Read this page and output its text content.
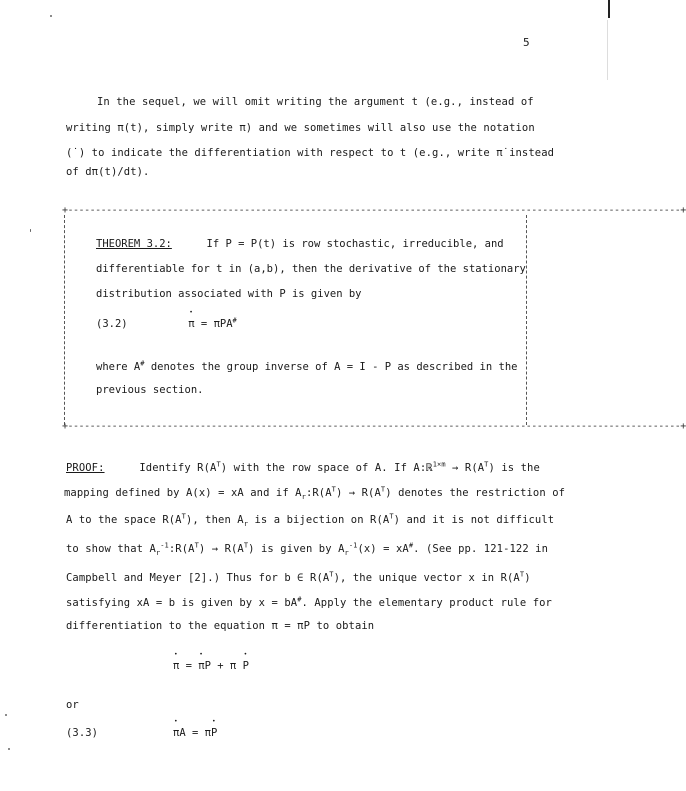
5
In the sequel, we will omit writing the argument t (e.g., instead of
writing π(t), simply write π) and we sometimes will also use the notation
(˙) to indicate the differentiation with respect to t (e.g., write π̇ instead
of dπ(t)/dt).
+---------------------------------------------------------------------------------------------------------------+
+---------------------------------------------------------------------------------------------------------------+
THEOREM 3.2:	If P = P(t) is row stochastic, irreducible, and
differentiable for t in (a,b), then the derivative of the stationary
distribution associated with P is given by
(3.2)	• π = πPA#
where A# denotes the group inverse of A = I - P as described in the
previous section.
PROOF:	Identify $R(A^T)$ with the row space of A. If A:ℝ$^{1\times m}$ → $R(A^T)$ is the
mapping defined by A(x) = xA and if $A_r:R(A^T) \to R(A^T)$ denotes the restriction of
A to the space $R(A^T)$, then $A_r$ is a bijection on $R(A^T)$ and it is not difficult
to show that $A_r^{-1}:R(A^T) \to R(A^T)$ is given by $A_r^{-1}(x) = xA^{\#}$. (See pp. 121-122 in
Campbell and Meyer [2].) Thus for b ∈ $R(A^T)$, the unique vector x in $R(A^T)$
satisfying xA = b is given by x = bA#. Apply the elementary product rule for
differentiation to the equation π = πP to obtain
• π = • πP + π • P
or
(3.3)	• πA = π• P
